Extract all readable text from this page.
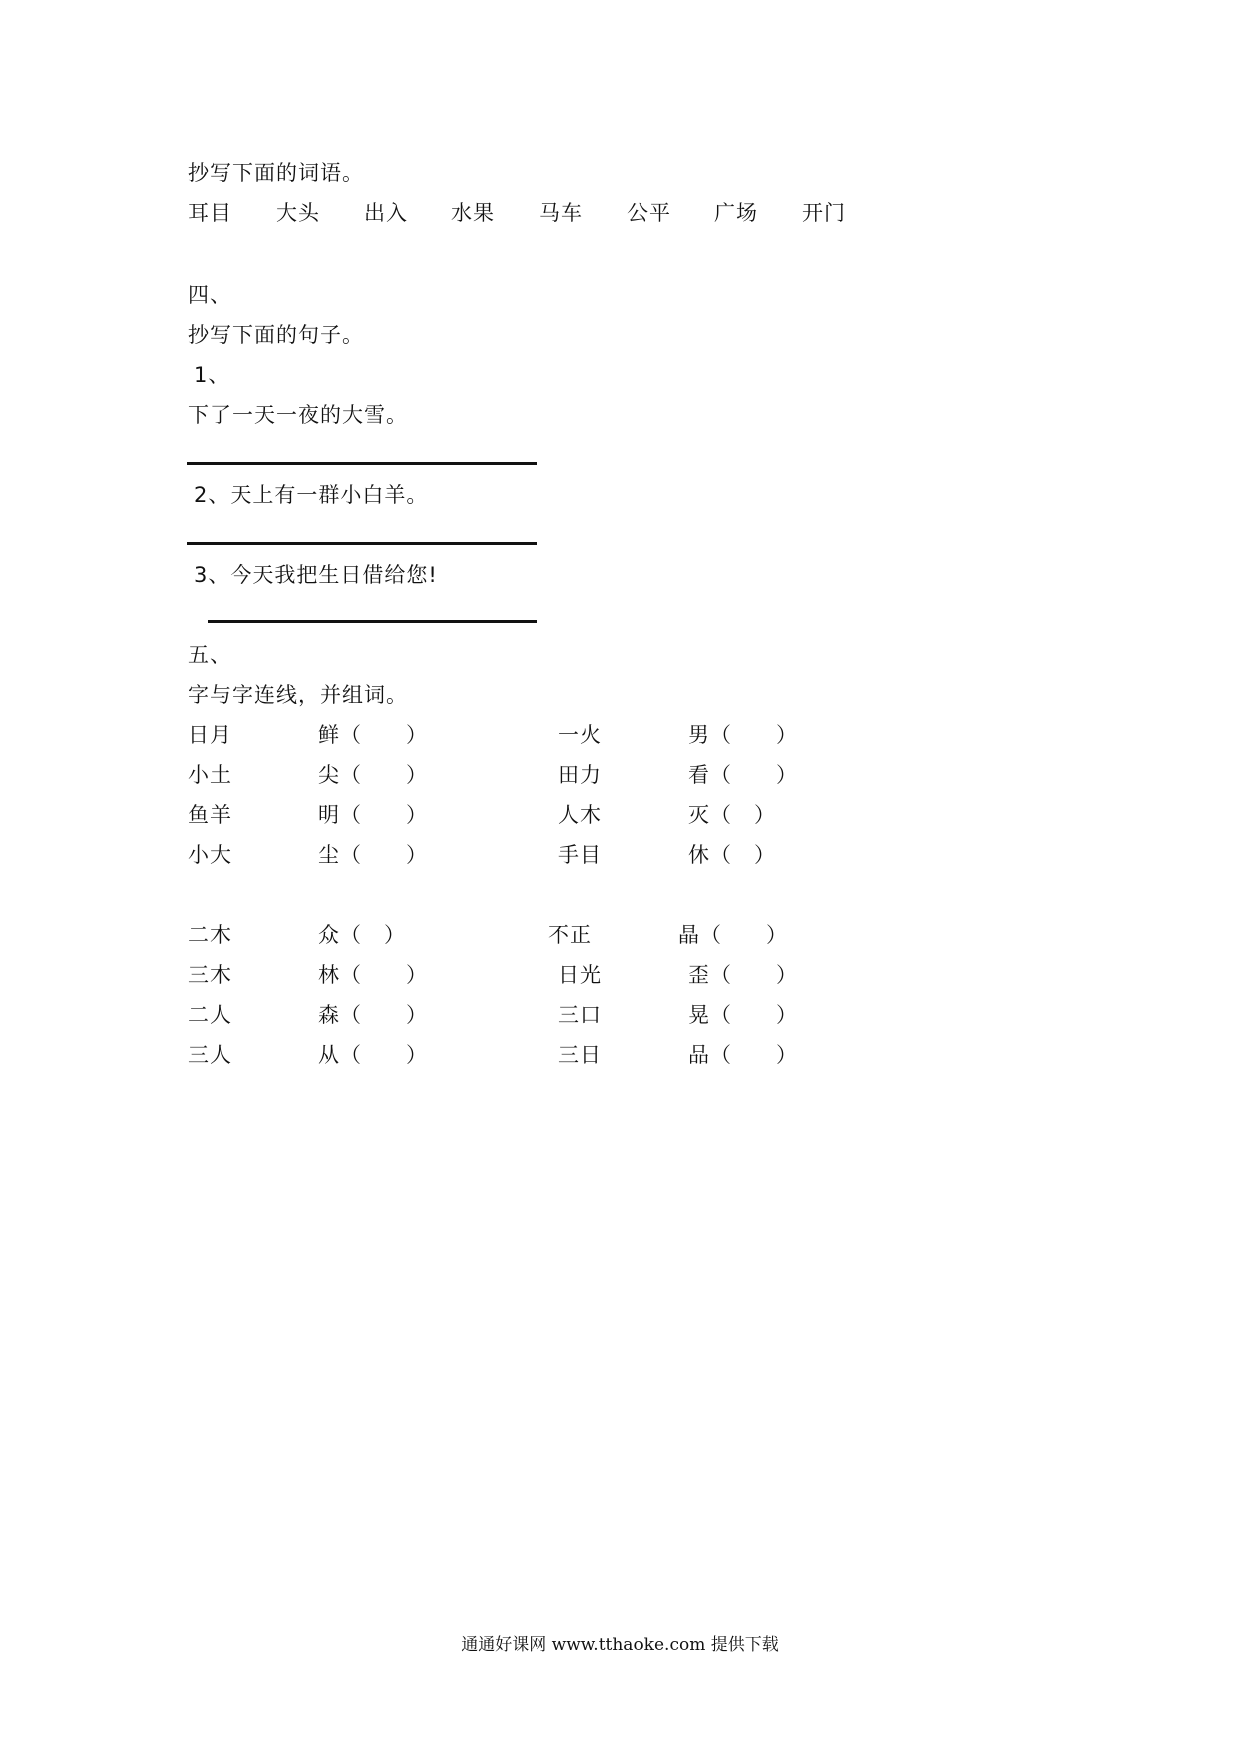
抄写下面的词语。
耳目 大头 出入 水果 马车 公平 广场 开门
四、
抄写下面的句子。
1、
下了一天一夜的大雪。
2、天上有一群小白羊。
3、今天我把生日借给您!
五、
字与字连线，并组词。
日月	鲜（　　）	一火	男（　　）
小土	尖（　　）	田力	看（　　）
鱼羊	明（　　）	人木	灭（　）
小大	尘（　　）	手目	休（　）
二木	众（　）	不正	晶（　　）
三木	林（　　）	日光	歪（　　）
二人	森（　　）	三口	晃（　　）
三人	从（　　）	三日	品（　　）
通通好课网 www.tthaoke.com 提供下载
